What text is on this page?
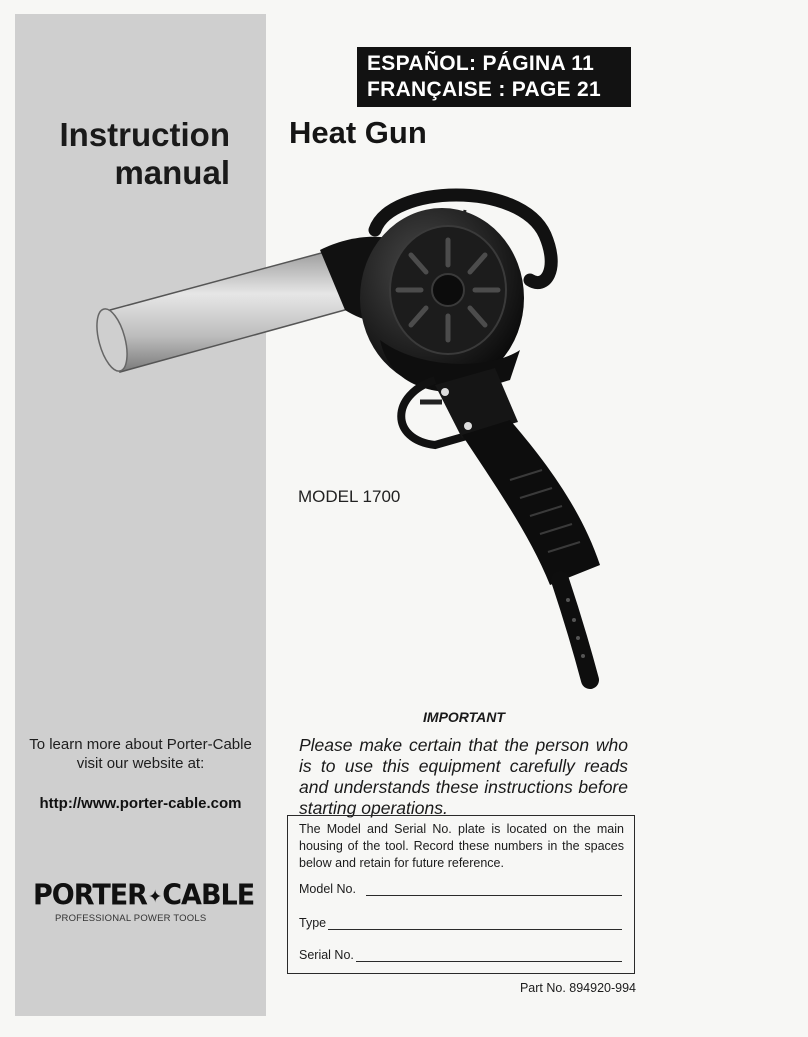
Instruction
manual
To learn more about Porter-Cable
visit our website at:
http://www.porter-cable.com
PORTER✦CABLE
PROFESSIONAL POWER TOOLS
ESPAÑOL: PÁGINA 11
FRANÇAISE : PAGE 21
Heat Gun
MODEL 1700
IMPORTANT
Please make certain that the person who is to use this equipment carefully reads and understands these instructions before starting operations.
The Model and Serial No. plate is located on the main housing of the tool. Record these numbers in the spaces below and retain for future reference.
Model No.
Type
Serial No.
Part No. 894920-994
